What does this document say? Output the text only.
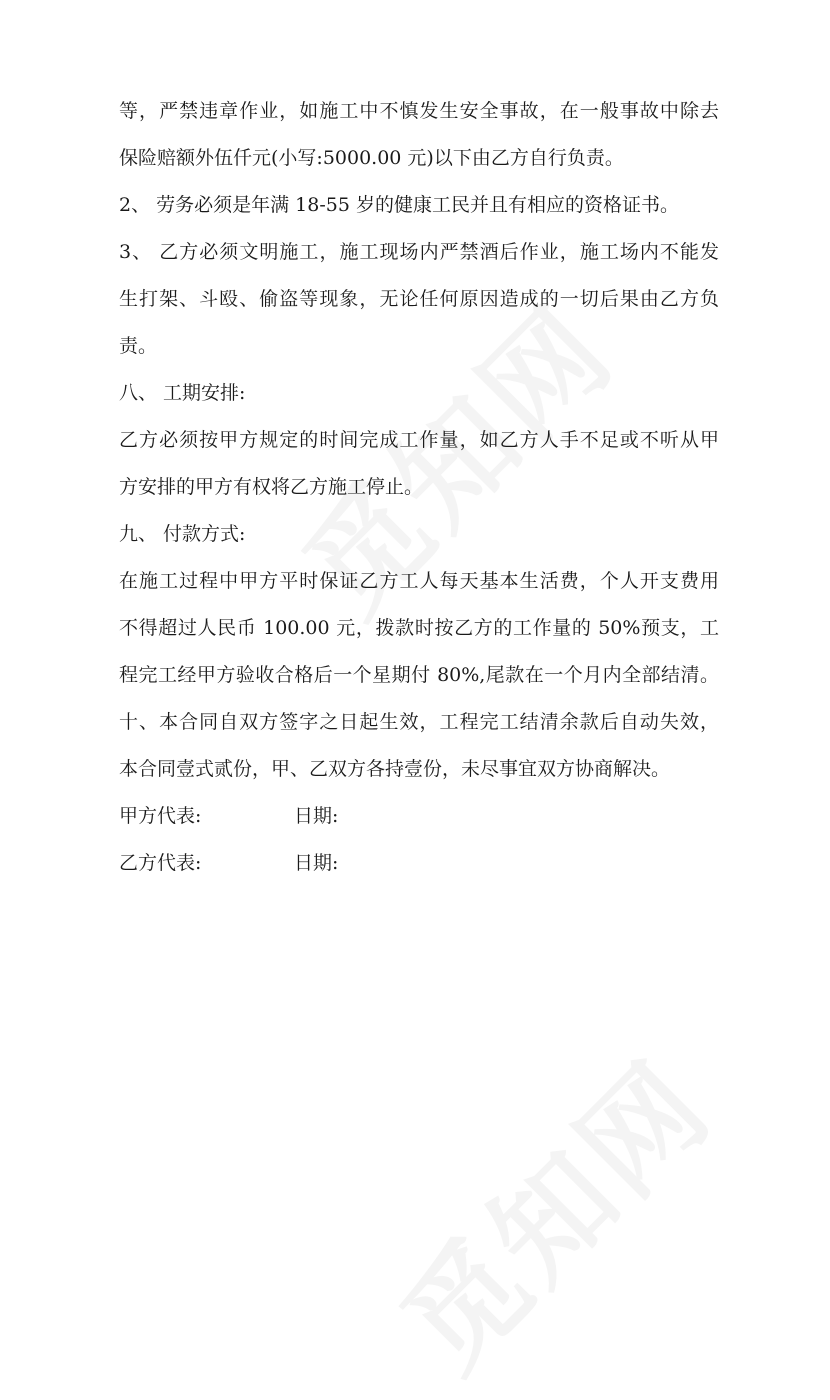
等，严禁违章作业，如施工中不慎发生安全事故，在一般事故中除去
保险赔额外伍仟元(小写:5000.00 元)以下由乙方自行负责。
2、 劳务必须是年满 18-55 岁的健康工民并且有相应的资格证书。
3、 乙方必须文明施工，施工现场内严禁酒后作业，施工场内不能发
生打架、斗殴、偷盗等现象，无论任何原因造成的一切后果由乙方负
责。
八、 工期安排:
乙方必须按甲方规定的时间完成工作量，如乙方人手不足或不听从甲
方安排的甲方有权将乙方施工停止。
九、 付款方式:
在施工过程中甲方平时保证乙方工人每天基本生活费，个人开支费用
不得超过人民币 100.00 元，拨款时按乙方的工作量的 50%预支，工
程完工经甲方验收合格后一个星期付 80%,尾款在一个月内全部结清。
十、本合同自双方签字之日起生效，工程完工结清余款后自动失效，
本合同壹式贰份，甲、乙双方各持壹份，未尽事宜双方协商解决。
甲方代表:	日期:
乙方代表:	日期:
